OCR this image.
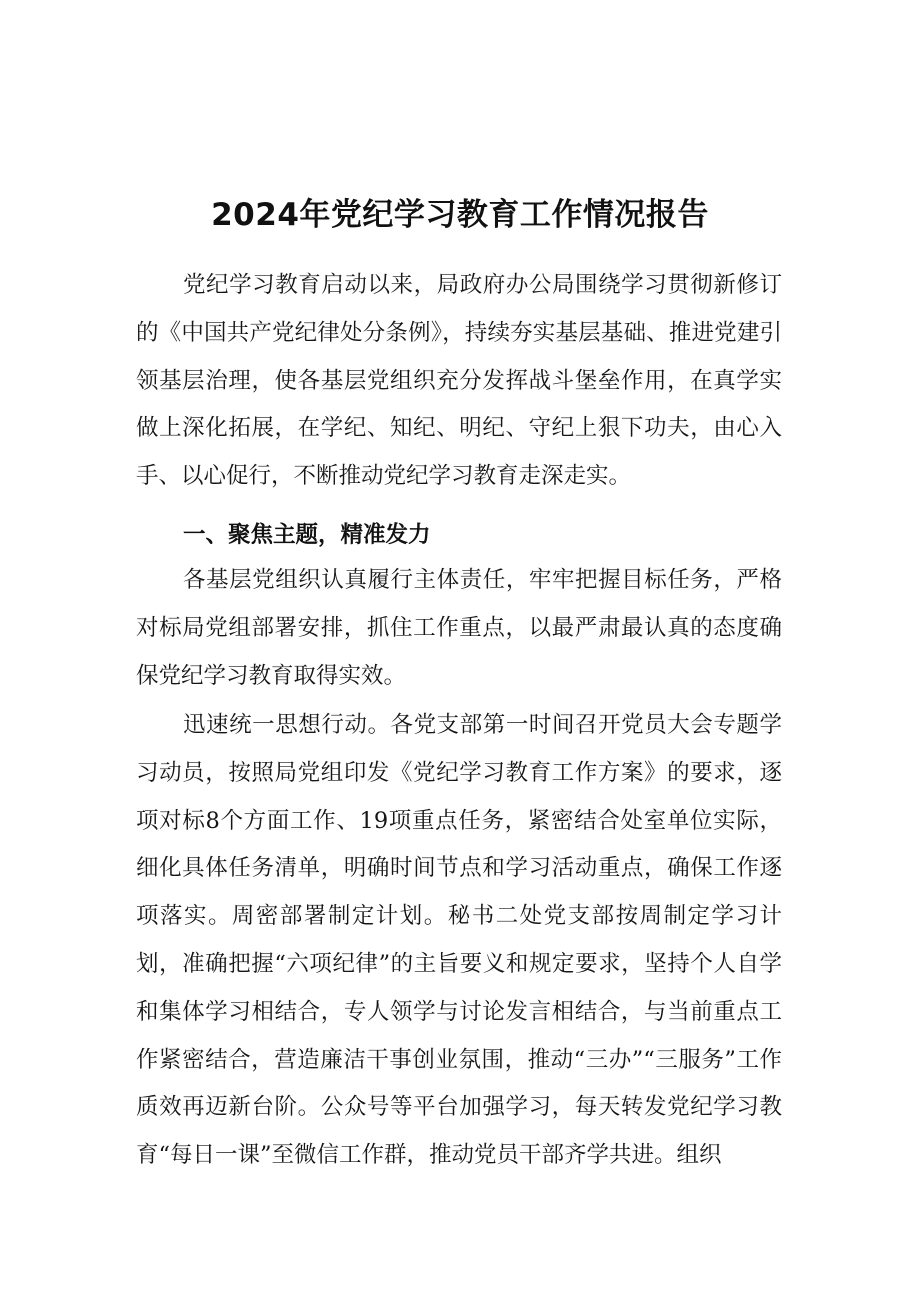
2024年党纪学习教育工作情况报告

党纪学习教育启动以来，局政府办公局围绕学习贯彻新修订的《中国共产党纪律处分条例》，持续夯实基层基础、推进党建引领基层治理，使各基层党组织充分发挥战斗堡垒作用，在真学实做上深化拓展，在学纪、知纪、明纪、守纪上狠下功夫，由心入手、以心促行，不断推动党纪学习教育走深走实。

一、聚焦主题，精准发力

各基层党组织认真履行主体责任，牢牢把握目标任务，严格对标局党组部署安排，抓住工作重点，以最严肃最认真的态度确保党纪学习教育取得实效。

迅速统一思想行动。各党支部第一时间召开党员大会专题学习动员，按照局党组印发《党纪学习教育工作方案》的要求，逐项对标8个方面工作、19项重点任务，紧密结合处室单位实际，细化具体任务清单，明确时间节点和学习活动重点，确保工作逐项落实。周密部署制定计划。秘书二处党支部按周制定学习计划，准确把握“六项纪律”的主旨要义和规定要求，坚持个人自学和集体学习相结合，专人领学与讨论发言相结合，与当前重点工作紧密结合，营造廉洁干事创业氛围，推动“三办”“三服务”工作质效再迈新台阶。公众号等平台加强学习，每天转发党纪学习教育“每日一课”至微信工作群，推动党员干部齐学共进。组织
